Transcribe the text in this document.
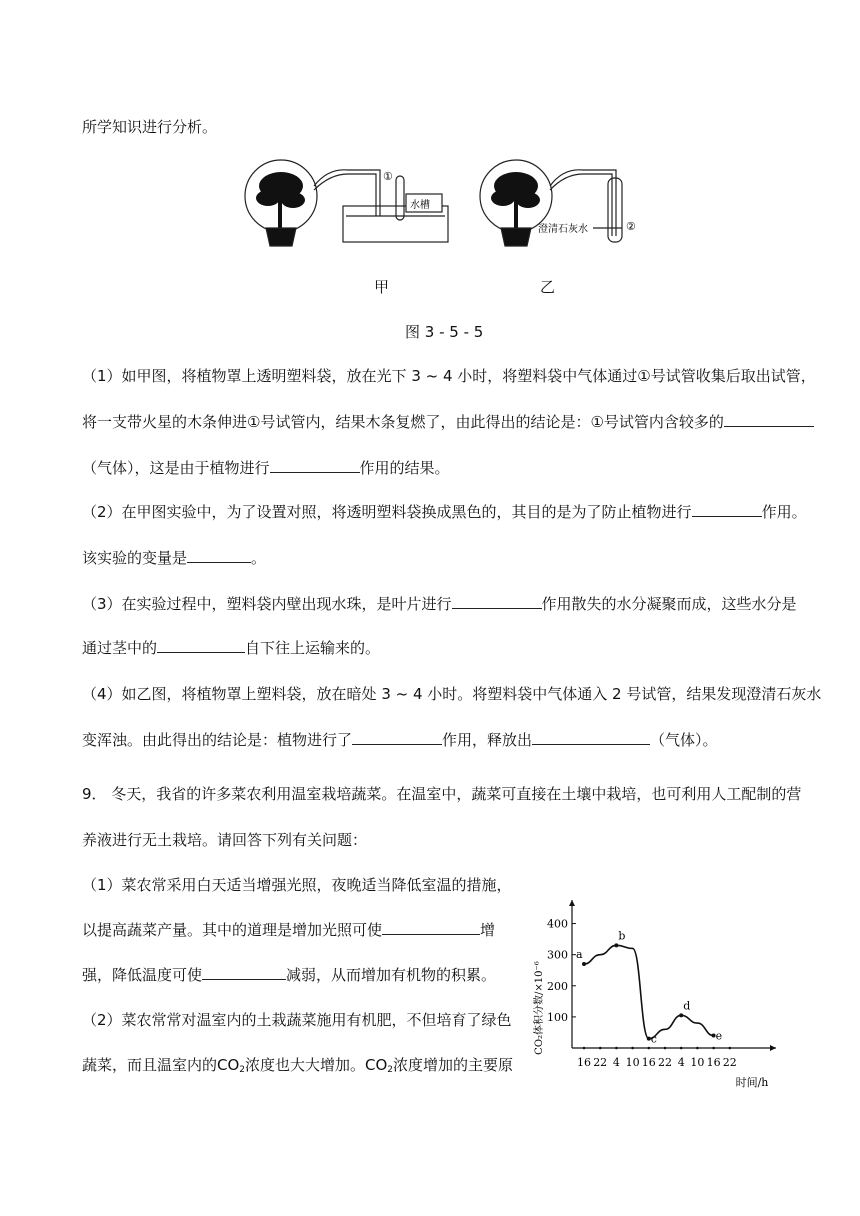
所学知识进行分析。
①
水槽
澄清石灰水	②
甲	乙
图 3 - 5 - 5
（1）如甲图，将植物罩上透明塑料袋，放在光下 3 ~ 4 小时，将塑料袋中气体通过①号试管收集后取出试管，
将一支带火星的木条伸进①号试管内，结果木条复燃了，由此得出的结论是：①号试管内含较多的
（气体），这是由于植物进行	作用的结果。
（2）在甲图实验中，为了设置对照，将透明塑料袋换成黑色的，其目的是为了防止植物进行	作用。
该实验的变量是	。
（3）在实验过程中，塑料袋内壁出现水珠，是叶片进行	作用散失的水分凝聚而成，这些水分是
通过茎中的	自下往上运输来的。
（4）如乙图，将植物罩上塑料袋，放在暗处 3 ~ 4 小时。将塑料袋中气体通入 2 号试管，结果发现澄清石灰水
变浑浊。由此得出的结论是：植物进行了	作用，释放出	（气体）。
9． 冬天，我省的许多菜农利用温室栽培蔬菜。在温室中，蔬菜可直接在土壤中栽培，也可利用人工配制的营
养液进行无土栽培。请回答下列有关问题：
（1）菜农常采用白天适当增强光照，夜晚适当降低室温的措施，
以提高蔬菜产量。其中的道理是增加光照可使	增
强，降低温度可使	减弱，从而增加有机物的积累。
（2）菜农常常对温室内的土栽蔬菜施用有机肥，不但培育了绿色
蔬菜，而且温室内的$CO_2$浓度也大大增加。$CO_2$浓度增加的主要原
100
200
300
400
16 22 4 10 16 22 4 10 16 22
时间/h
CO₂体积分数/×10⁻⁶
a
b
c
d
e
